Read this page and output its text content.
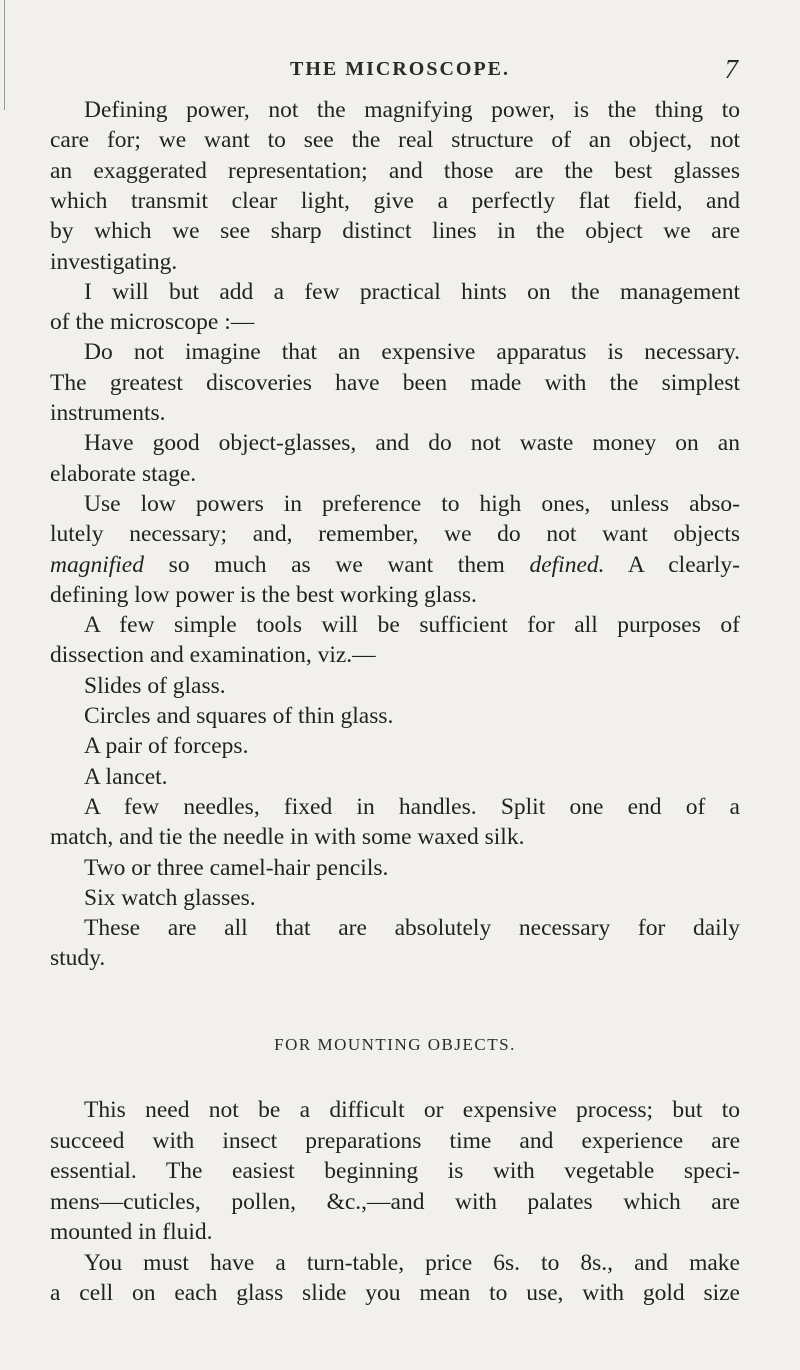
THE MICROSCOPE.	7
Defining power, not the magnifying power, is the thing to
care for; we want to see the real structure of an object, not
an exaggerated representation; and those are the best glasses
which transmit clear light, give a perfectly flat field, and
by which we see sharp distinct lines in the object we are
investigating.
I will but add a few practical hints on the management
of the microscope :—
Do not imagine that an expensive apparatus is necessary.
The greatest discoveries have been made with the simplest
instruments.
Have good object-glasses, and do not waste money on an
elaborate stage.
Use low powers in preference to high ones, unless abso-
lutely necessary; and, remember, we do not want objects
magnified so much as we want them defined. A clearly-
defining low power is the best working glass.
A few simple tools will be sufficient for all purposes of
dissection and examination, viz.—
Slides of glass.
Circles and squares of thin glass.
A pair of forceps.
A lancet.
A few needles, fixed in handles. Split one end of a
match, and tie the needle in with some waxed silk.
Two or three camel-hair pencils.
Six watch glasses.
These are all that are absolutely necessary for daily
study.
FOR MOUNTING OBJECTS.
This need not be a difficult or expensive process; but to
succeed with insect preparations time and experience are
essential. The easiest beginning is with vegetable speci-
mens—cuticles, pollen, &c.,—and with palates which are
mounted in fluid.
You must have a turn-table, price 6s. to 8s., and make
a cell on each glass slide you mean to use, with gold size
